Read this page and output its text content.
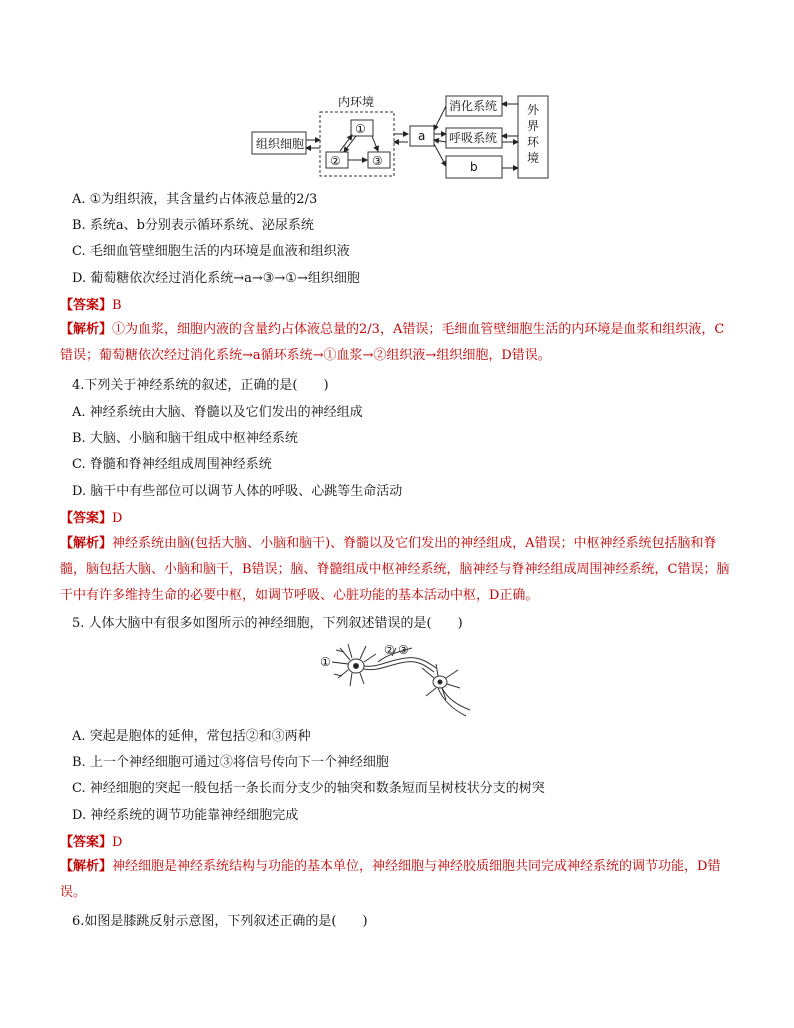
内环境
组织细胞
①
②	③
a
消化系统
呼吸系统
b
外
界
环
境
A. ①为组织液，其含量约占体液总量的2/3
B. 系统a、b分别表示循环系统、泌尿系统
C. 毛细血管壁细胞生活的内环境是血液和组织液
D. 葡萄糖依次经过消化系统→a→③→①→组织细胞
【答案】B
【解析】①为血浆，细胞内液的含量约占体液总量的2/3，A错误；毛细血管壁细胞生活的内环境是血浆和组织液，C错误；葡萄糖依次经过消化系统→a循环系统→①血浆→②组织液→组织细胞，D错误。
4.下列关于神经系统的叙述，正确的是(　　)
A. 神经系统由大脑、脊髓以及它们发出的神经组成
B. 大脑、小脑和脑干组成中枢神经系统
C. 脊髓和脊神经组成周围神经系统
D. 脑干中有些部位可以调节人体的呼吸、心跳等生命活动
【答案】D
【解析】神经系统由脑(包括大脑、小脑和脑干)、脊髓以及它们发出的神经组成，A错误；中枢神经系统包括脑和脊髓，脑包括大脑、小脑和脑干，B错误；脑、脊髓组成中枢神经系统，脑神经与脊神经组成周围神经系统，C错误；脑干中有许多维持生命的必要中枢，如调节呼吸、心脏功能的基本活动中枢，D正确。
5. 人体大脑中有很多如图所示的神经细胞，下列叙述错误的是(　　)
①
② ③
A. 突起是胞体的延伸，常包括②和③两种
B. 上一个神经细胞可通过③将信号传向下一个神经细胞
C. 神经细胞的突起一般包括一条长而分支少的轴突和数条短而呈树枝状分支的树突
D. 神经系统的调节功能靠神经细胞完成
【答案】D
【解析】神经细胞是神经系统结构与功能的基本单位，神经细胞与神经胶质细胞共同完成神经系统的调节功能，D错误。
6.如图是膝跳反射示意图，下列叙述正确的是(　　)
